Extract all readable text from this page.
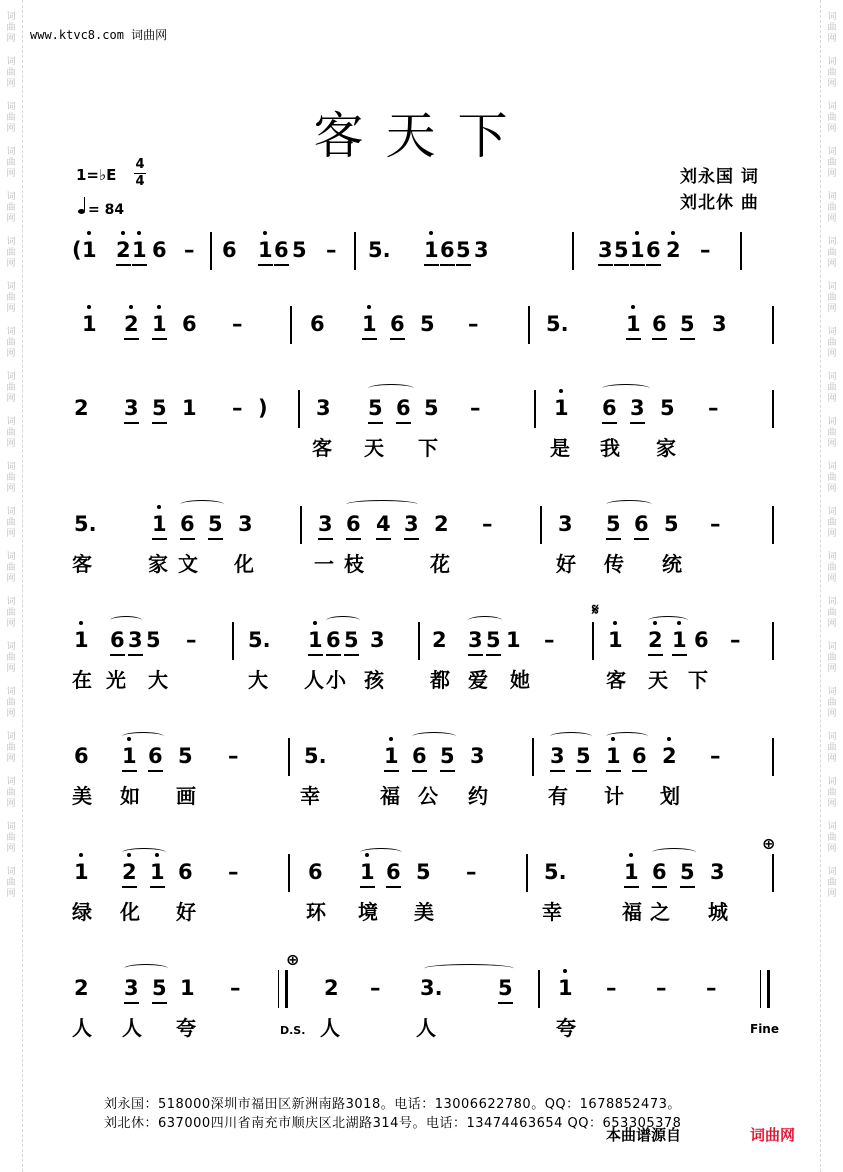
词
曲
网
词
曲
网
词
曲
网
词
曲
网
词
曲
网
词
曲
网
词
曲
网
词
曲
网
词
曲
网
词
曲
网
词
曲
网
词
曲
网
词
曲
网
词
曲
网
词
曲
网
词
曲
网
词
曲
网
词
曲
网
词
曲
网
词
曲
网
词
曲
网
词
曲
网
词
曲
网
词
曲
网
词
曲
网
词
曲
网
词
曲
网
词
曲
网
词
曲
网
词
曲
网
词
曲
网
词
曲
网
词
曲
网
词
曲
网
词
曲
网
词
曲
网
词
曲
网
词
曲
网
词
曲
网
词
曲
网
www.ktvc8.com 词曲网
客天下
1=♭E
4
4
= 84
刘永国 词
刘北休 曲
( 1 2 1 6 – 6 1 6 5 – 5. 1 6 5 3	3 5 1 6 2 –
1 2 1 6 –	6 1 6 5 –	5.	1 6 5 3
2 3 5 1 – ) 3 5 6 5 –	1 6 3 5 –
客 天 下	是 我 家
5.	1 6 5 3	3 6 4 3 2 –	3 5 6 5 –
客	家 文 化	一 枝	花	好 传 统
1 6 3 5 – 5. 1 6 5 3 2 3 5 1 –	1 2 1 6 –
𝄋
在 光 大	大 人 小 孩 都 爱 她	客 天 下
6 1 6 5 –	5.	1 6 5 3	3 5 1 6 2 –
美 如 画	幸	福 公 约	有 计 划
1 2 1 6 –	6 1 6 5 –	5.	1 6 5 3
⊕
绿 化 好	环 境 美	幸	福 之 城
2 3 5 1 –	2 – 3.	5 1 – – –
⊕
人 人 夸	人	人	夸
D.S.	Fine
刘永国：518000深圳市福田区新洲南路3018。电话：13006622780。QQ：1678852473。
刘北休：637000四川省南充市顺庆区北湖路314号。电话：13474463654 QQ：653305378
本曲谱源自	词曲网
